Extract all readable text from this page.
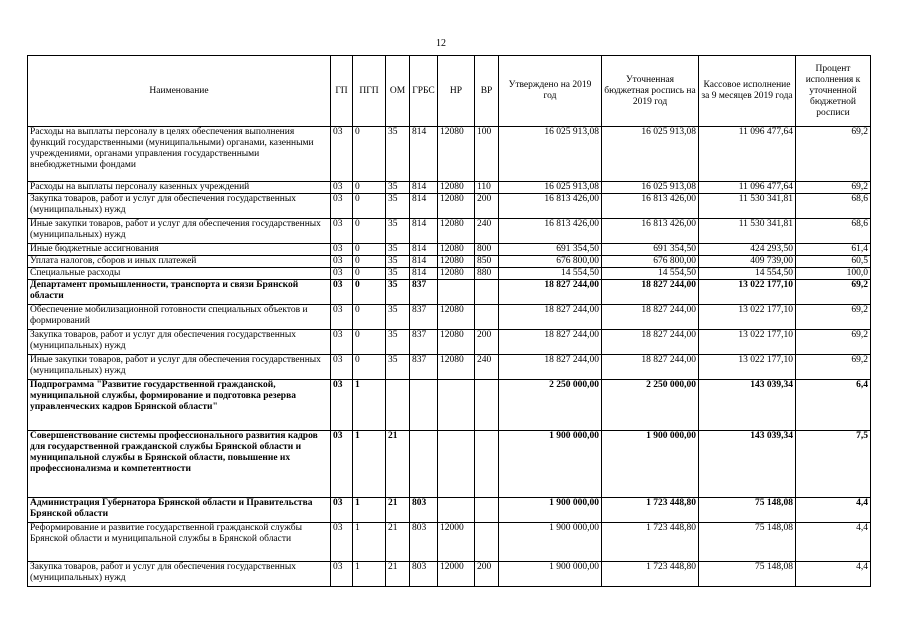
12
Наименование	ГП	ПГП	ОМ	ГРБС	НР	ВР	Утверждено на 2019 год	Уточненная бюджетная роспись на 2019 год	Кассовое исполнение за 9 месяцев 2019 года	Процент исполнения к уточненной бюджетной росписи
Расходы на выплаты персоналу в целях обеспечения выполнения функций государственными (муниципальными) органами, казенными учреждениями, органами управления государственными внебюджетными фондами	03	0	35	814	12080	100	16 025 913,08	16 025 913,08	11 096 477,64	69,2
Расходы на выплаты персоналу казенных учреждений	03	0	35	814	12080	110	16 025 913,08	16 025 913,08	11 096 477,64	69,2
Закупка товаров, работ и услуг для обеспечения государственных (муниципальных) нужд	03	0	35	814	12080	200	16 813 426,00	16 813 426,00	11 530 341,81	68,6
Иные закупки товаров, работ и услуг для обеспечения государственных (муниципальных) нужд	03	0	35	814	12080	240	16 813 426,00	16 813 426,00	11 530 341,81	68,6
Иные бюджетные ассигнования	03	0	35	814	12080	800	691 354,50	691 354,50	424 293,50	61,4
Уплата налогов, сборов и иных платежей	03	0	35	814	12080	850	676 800,00	676 800,00	409 739,00	60,5
Специальные расходы	03	0	35	814	12080	880	14 554,50	14 554,50	14 554,50	100,0
Департамент промышленности, транспорта и связи Брянской области	03	0	35	837			18 827 244,00	18 827 244,00	13 022 177,10	69,2
Обеспечение мобилизационной готовности специальных объектов и формирований	03	0	35	837	12080		18 827 244,00	18 827 244,00	13 022 177,10	69,2
Закупка товаров, работ и услуг для обеспечения государственных (муниципальных) нужд	03	0	35	837	12080	200	18 827 244,00	18 827 244,00	13 022 177,10	69,2
Иные закупки товаров, работ и услуг для обеспечения государственных (муниципальных) нужд	03	0	35	837	12080	240	18 827 244,00	18 827 244,00	13 022 177,10	69,2
Подпрограмма "Развитие государственной гражданской, муниципальной службы, формирование и подготовка резерва управленческих кадров Брянской области"	03	1					2 250 000,00	2 250 000,00	143 039,34	6,4
Совершенствование системы профессионального развития кадров для государственной гражданской службы Брянской области и муниципальной службы в Брянской области, повышение их профессионализма и компетентности	03	1	21				1 900 000,00	1 900 000,00	143 039,34	7,5
Администрация Губернатора Брянской области и Правительства Брянской области	03	1	21	803			1 900 000,00	1 723 448,80	75 148,08	4,4
Реформирование и развитие государственной гражданской службы Брянской области и муниципальной службы в Брянской области	03	1	21	803	12000		1 900 000,00	1 723 448,80	75 148,08	4,4
Закупка товаров, работ и услуг для обеспечения государственных (муниципальных) нужд	03	1	21	803	12000	200	1 900 000,00	1 723 448,80	75 148,08	4,4
